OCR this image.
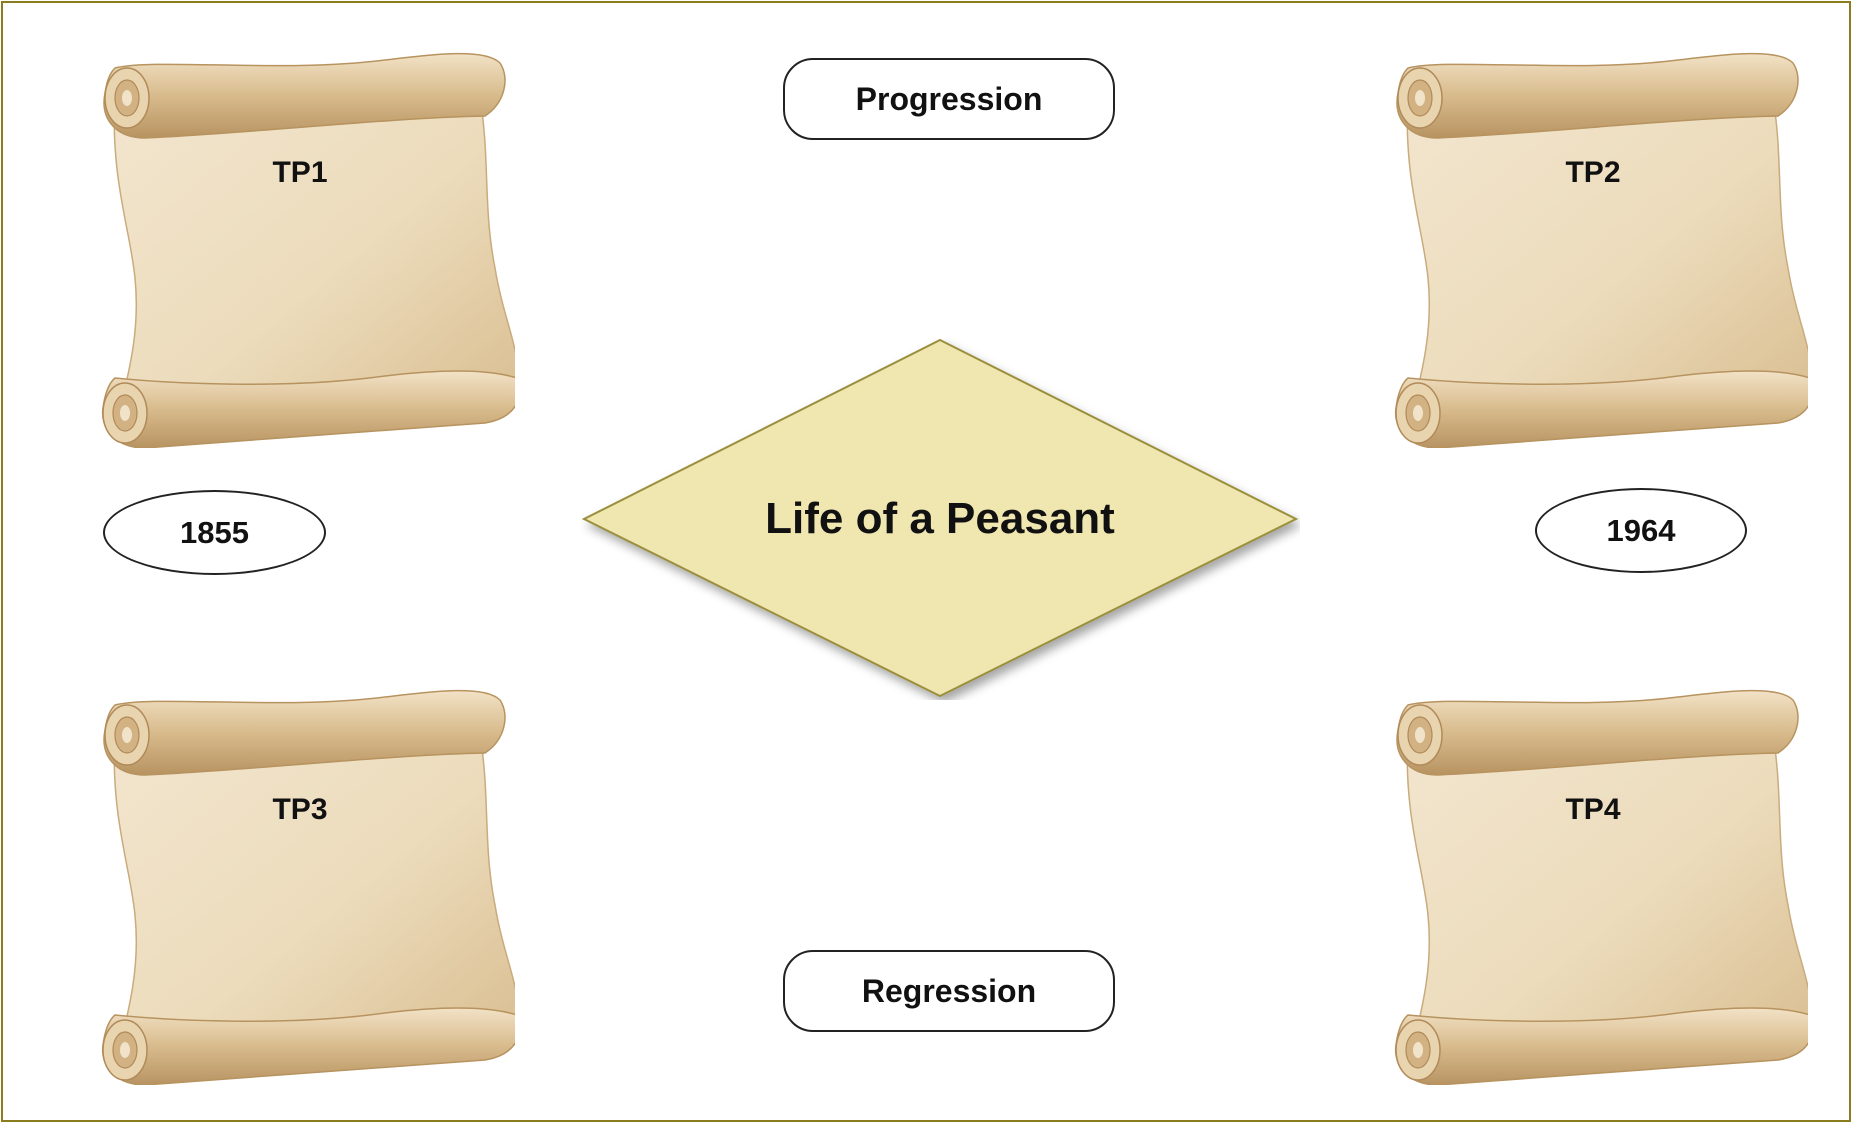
TP1	TP2
TP3	TP4
Progression
Regression
1855	1964
Life of a Peasant
